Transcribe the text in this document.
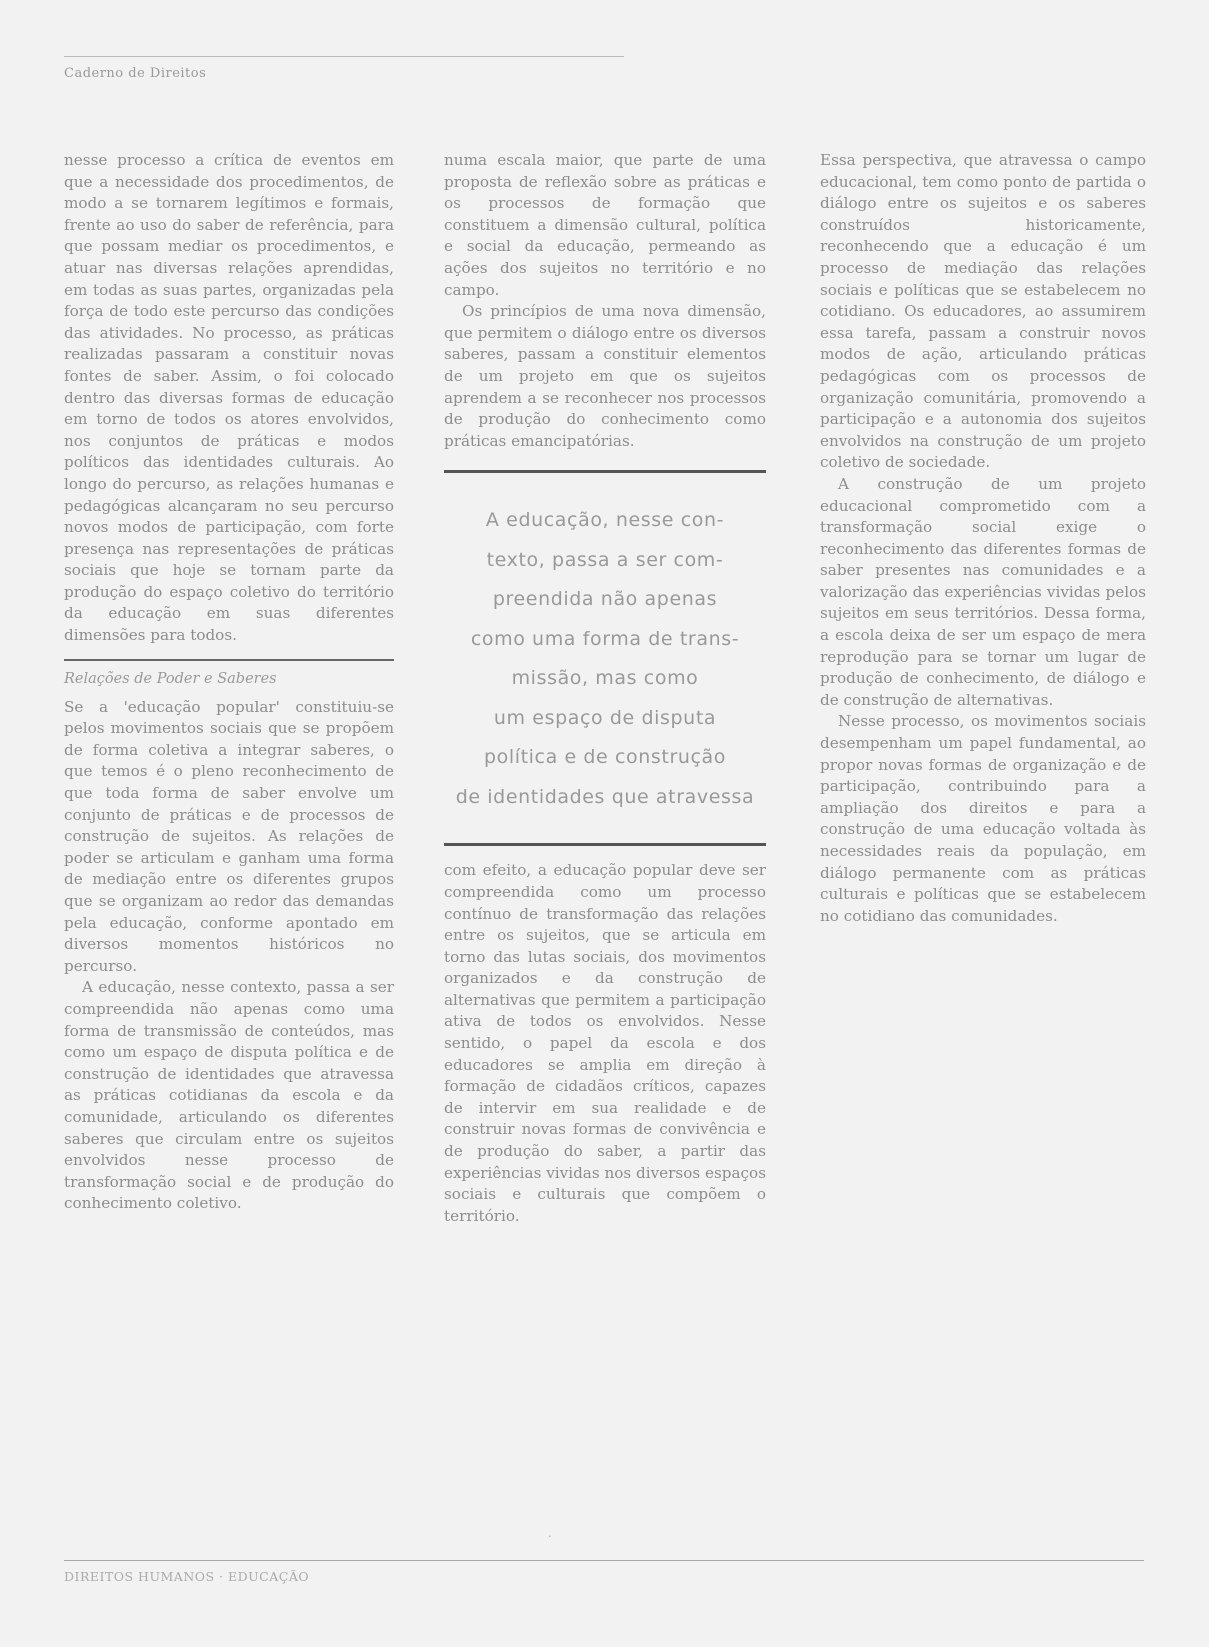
Caderno de Direitos

nesse processo a crítica de eventos em que a necessidade dos procedimentos, de modo a se tornarem legítimos e formais, frente ao uso do saber de referência, para que possam mediar os procedimentos, e atuar nas diversas relações aprendidas, em todas as suas partes, organizadas pela força de todo este percurso das condições das atividades. No processo, as práticas realizadas passaram a constituir novas fontes de saber. Assim, o foi colocado dentro das diversas formas de educação em torno de todos os atores envolvidos, nos conjuntos de práticas e modos políticos das identidades culturais. Ao longo do percurso, as relações humanas e pedagógicas alcançaram no seu percurso novos modos de participação, com forte presença nas representações de práticas sociais que hoje se tornam parte da produção do espaço coletivo do território da educação em suas diferentes dimensões para todos.

Relações de Poder e Saberes

Se a 'educação popular' constituiu-se pelos movimentos sociais que se propõem de forma coletiva a integrar saberes, o que temos é o pleno reconhecimento de que toda forma de saber envolve um conjunto de práticas e de processos de construção de sujeitos. As relações de poder se articulam e ganham uma forma de mediação entre os diferentes grupos que se organizam ao redor das demandas pela educação, conforme apontado em diversos momentos históricos no percurso.

A educação, nesse contexto, passa a ser compreendida não apenas como uma forma de transmissão de conteúdos, mas como um espaço de disputa política e de construção de identidades que atravessa as práticas cotidianas da escola e da comunidade, articulando os diferentes saberes que circulam entre os sujeitos envolvidos nesse processo de transformação social e de produção do conhecimento coletivo.

numa escala maior, que parte de uma proposta de reflexão sobre as práticas e os processos de formação que constituem a dimensão cultural, política e social da educação, permeando as ações dos sujeitos no território e no campo.

Os princípios de uma nova dimensão, que permitem o diálogo entre os diversos saberes, passam a constituir elementos de um projeto em que os sujeitos aprendem a se reconhecer nos processos de produção do conhecimento como práticas emancipatórias.

A educação, nesse con-
texto, passa a ser com-
preendida não apenas
como uma forma de trans-
missão, mas como
um espaço de disputa
política e de construção
de identidades que atravessa

com efeito, a educação popular deve ser compreendida como um processo contínuo de transformação das relações entre os sujeitos, que se articula em torno das lutas sociais, dos movimentos organizados e da construção de alternativas que permitem a participação ativa de todos os envolvidos. Nesse sentido, o papel da escola e dos educadores se amplia em direção à formação de cidadãos críticos, capazes de intervir em sua realidade e de construir novas formas de convivência e de produção do saber, a partir das experiências vividas nos diversos espaços sociais e culturais que compõem o território.

Essa perspectiva, que atravessa o campo educacional, tem como ponto de partida o diálogo entre os sujeitos e os saberes construídos historicamente, reconhecendo que a educação é um processo de mediação das relações sociais e políticas que se estabelecem no cotidiano. Os educadores, ao assumirem essa tarefa, passam a construir novos modos de ação, articulando práticas pedagógicas com os processos de organização comunitária, promovendo a participação e a autonomia dos sujeitos envolvidos na construção de um projeto coletivo de sociedade.

A construção de um projeto educacional comprometido com a transformação social exige o reconhecimento das diferentes formas de saber presentes nas comunidades e a valorização das experiências vividas pelos sujeitos em seus territórios. Dessa forma, a escola deixa de ser um espaço de mera reprodução para se tornar um lugar de produção de conhecimento, de diálogo e de construção de alternativas.

Nesse processo, os movimentos sociais desempenham um papel fundamental, ao propor novas formas de organização e de participação, contribuindo para a ampliação dos direitos e para a construção de uma educação voltada às necessidades reais da população, em diálogo permanente com as práticas culturais e políticas que se estabelecem no cotidiano das comunidades.

·
DIREITOS HUMANOS · EDUCAÇÃO
